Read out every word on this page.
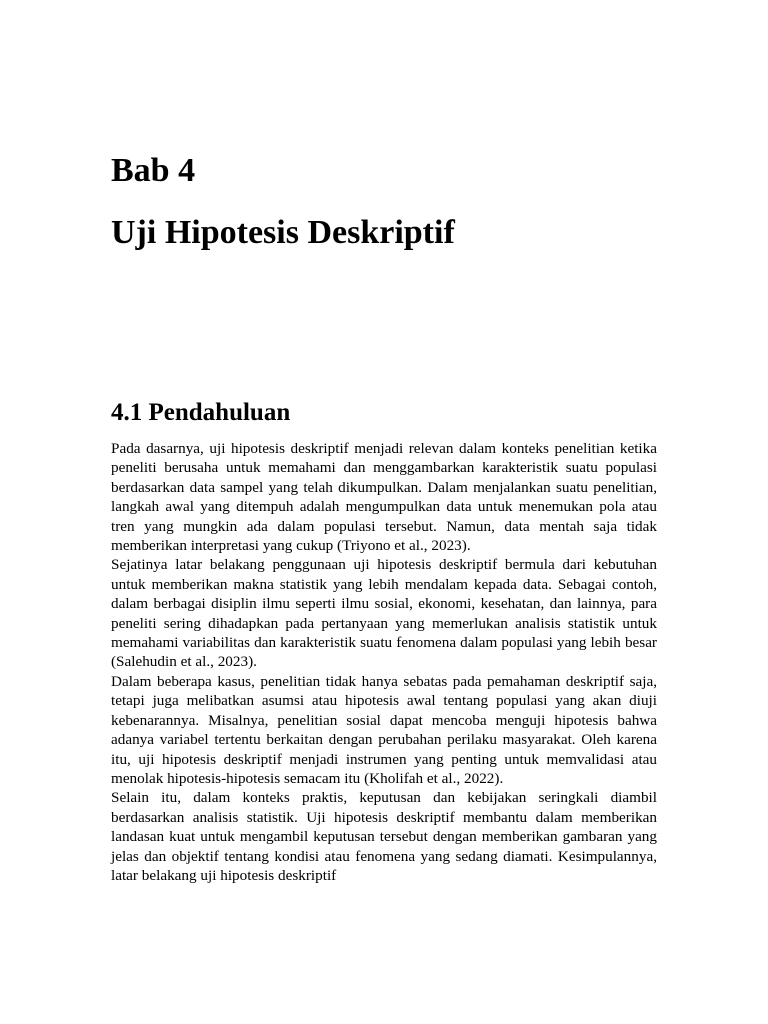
Bab 4
Uji Hipotesis Deskriptif
4.1 Pendahuluan

Pada dasarnya, uji hipotesis deskriptif menjadi relevan dalam konteks penelitian ketika peneliti berusaha untuk memahami dan menggambarkan karakteristik suatu populasi berdasarkan data sampel yang telah dikumpulkan. Dalam menjalankan suatu penelitian, langkah awal yang ditempuh adalah mengumpulkan data untuk menemukan pola atau tren yang mungkin ada dalam populasi tersebut. Namun, data mentah saja tidak memberikan interpretasi yang cukup (Triyono et al., 2023).

Sejatinya latar belakang penggunaan uji hipotesis deskriptif bermula dari kebutuhan untuk memberikan makna statistik yang lebih mendalam kepada data. Sebagai contoh, dalam berbagai disiplin ilmu seperti ilmu sosial, ekonomi, kesehatan, dan lainnya, para peneliti sering dihadapkan pada pertanyaan yang memerlukan analisis statistik untuk memahami variabilitas dan karakteristik suatu fenomena dalam populasi yang lebih besar (Salehudin et al., 2023).

Dalam beberapa kasus, penelitian tidak hanya sebatas pada pemahaman deskriptif saja, tetapi juga melibatkan asumsi atau hipotesis awal tentang populasi yang akan diuji kebenarannya. Misalnya, penelitian sosial dapat mencoba menguji hipotesis bahwa adanya variabel tertentu berkaitan dengan perubahan perilaku masyarakat. Oleh karena itu, uji hipotesis deskriptif menjadi instrumen yang penting untuk memvalidasi atau menolak hipotesis-hipotesis semacam itu (Kholifah et al., 2022).

Selain itu, dalam konteks praktis, keputusan dan kebijakan seringkali diambil berdasarkan analisis statistik. Uji hipotesis deskriptif membantu dalam memberikan landasan kuat untuk mengambil keputusan tersebut dengan memberikan gambaran yang jelas dan objektif tentang kondisi atau fenomena yang sedang diamati. Kesimpulannya, latar belakang uji hipotesis deskriptif
